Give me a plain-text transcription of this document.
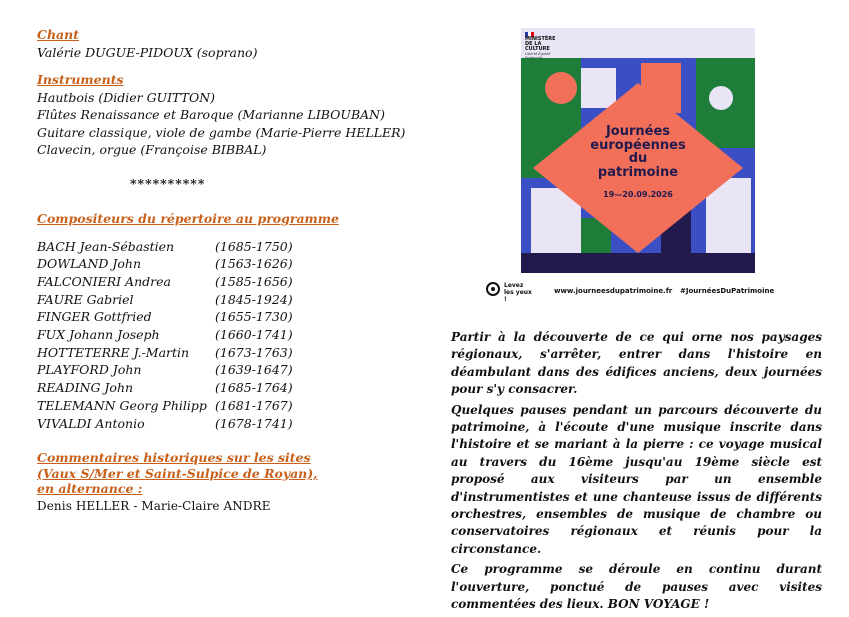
Chant
Valérie DUGUE-PIDOUX (soprano)
Instruments
Hautbois (Didier GUITTON)
Flûtes Renaissance et Baroque (Marianne LIBOUBAN)
Guitare classique, viole de gambe (Marie-Pierre HELLER)
Clavecin, orgue (Françoise BIBBAL)
**********
Compositeurs du répertoire au programme
BACH Jean-Sébastien	(1685-1750)
DOWLAND John	(1563-1626)
FALCONIERI Andrea	(1585-1656)
FAURE Gabriel	(1845-1924)
FINGER Gottfried	(1655-1730)
FUX Johann Joseph	(1660-1741)
HOTTETERRE J.-Martin	(1673-1763)
PLAYFORD John	(1639-1647)
READING John	(1685-1764)
TELEMANN Georg Philipp	(1681-1767)
VIVALDI Antonio	(1678-1741)
Commentaires historiques sur les sites
(Vaux S/Mer et Saint-Sulpice de Royan),
en alternance :
Denis HELLER - Marie-Claire ANDRE
MINISTÈRE
DE LA CULTURE
Liberté Égalité
Journées
européennes
du
patrimoine
19—20.09.2026
Levez les yeux !
www.journeesdupatrimoine.fr #JournéesDuPatrimoine

Partir à la découverte de ce qui orne nos paysages régionaux, s'arrêter, entrer dans l'histoire en déambulant dans des édifices anciens, deux journées pour s'y consacrer.

Quelques pauses pendant un parcours découverte du patrimoine, à l'écoute d'une musique inscrite dans l'histoire et se mariant à la pierre : ce voyage musical au travers du 16ème jusqu'au 19ème siècle est proposé aux visiteurs par un ensemble d'instrumentistes et une chanteuse issus de différents orchestres, ensembles de musique de chambre ou conservatoires régionaux et réunis pour la circonstance.

Ce programme se déroule en continu durant l'ouverture, ponctué de pauses avec visites commentées des lieux. BON VOYAGE !
